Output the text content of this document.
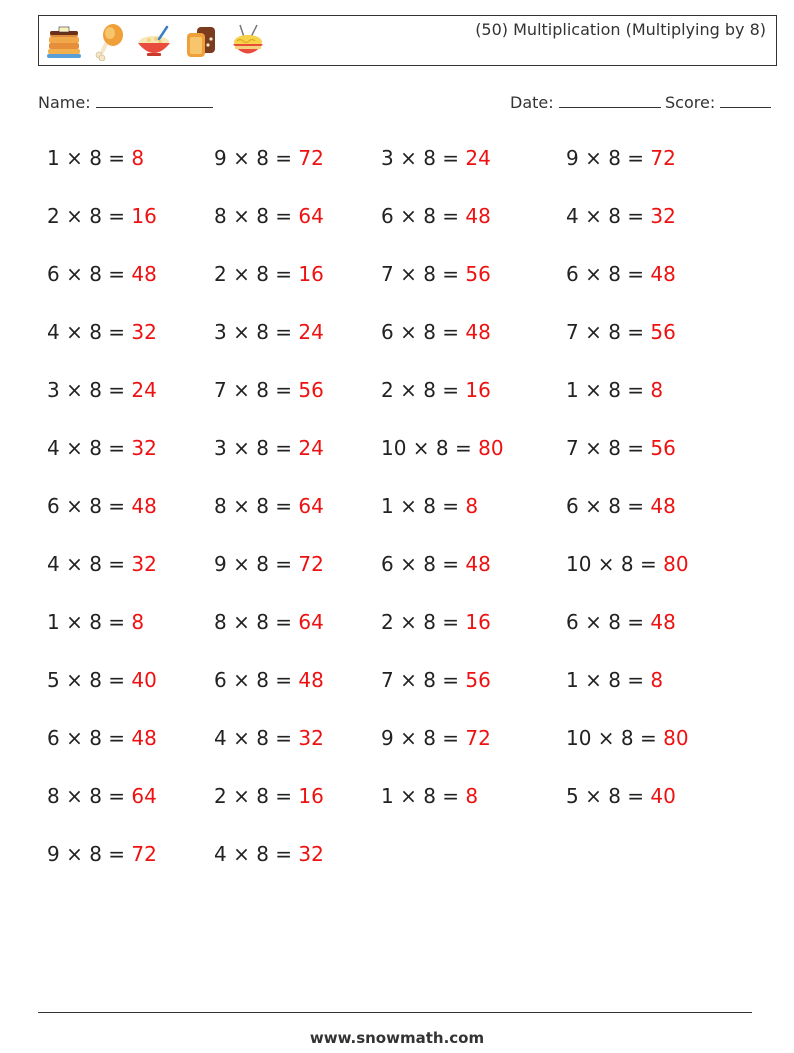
(50) Multiplication (Multiplying by 8)
Name:	Date:	Score:
1 × 8 = 8	9 × 8 = 72	3 × 8 = 24	9 × 8 = 72
2 × 8 = 16	8 × 8 = 64	6 × 8 = 48	4 × 8 = 32
6 × 8 = 48	2 × 8 = 16	7 × 8 = 56	6 × 8 = 48
4 × 8 = 32	3 × 8 = 24	6 × 8 = 48	7 × 8 = 56
3 × 8 = 24	7 × 8 = 56	2 × 8 = 16	1 × 8 = 8
4 × 8 = 32	3 × 8 = 24	10 × 8 = 80	7 × 8 = 56
6 × 8 = 48	8 × 8 = 64	1 × 8 = 8	6 × 8 = 48
4 × 8 = 32	9 × 8 = 72	6 × 8 = 48	10 × 8 = 80
1 × 8 = 8	8 × 8 = 64	2 × 8 = 16	6 × 8 = 48
5 × 8 = 40	6 × 8 = 48	7 × 8 = 56	1 × 8 = 8
6 × 8 = 48	4 × 8 = 32	9 × 8 = 72	10 × 8 = 80
8 × 8 = 64	2 × 8 = 16	1 × 8 = 8	5 × 8 = 40
9 × 8 = 72	4 × 8 = 32
www.snowmath.com
